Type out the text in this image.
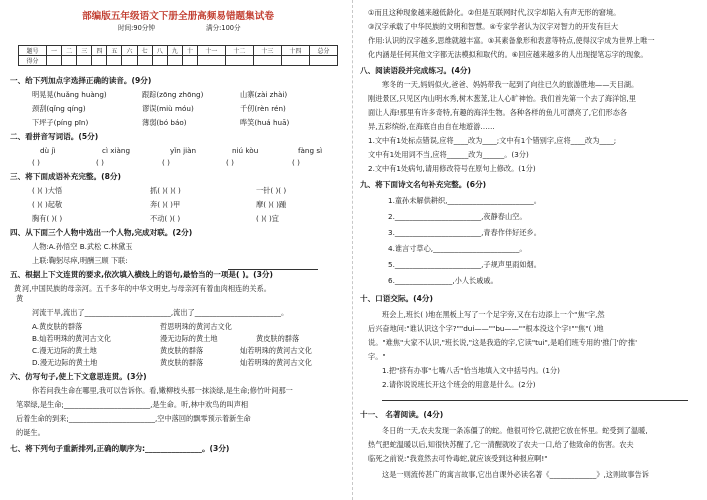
部编版五年级语文下册全册高频易错题集试卷
时间:90分钟	满分:100分
题号	一	二	三	四	五	六	七	八	九	十	十一	十二	十三	十四	总分
得分															
一、给下列加点字选择正确的读音。(9分)
明晃晃(huǎng huàng)	跟踪(zōng zhōng)	山寨(zài zhài)
颈刮(qǐng qíng)	谬误(miù móu)	千仞(rèn rén)
下坪子(píng pīn)	薄弱(bó báo)	哗笑(huá huā)
二、看拼音写词语。(5分)
dù jì	cì xiàng	yǐn jiàn	niú kòu	fàng sì
( )	( )	( )	( )	( )
三、将下面成语补充完整。(8分)
( )( )大悟	抓( )( )( )	一针( )( )
( )( )起敬	奔( )( )甲	摩( )( )踵
胸有( )( )	不动( )( )	( )( )宜
四、从下面三个人物中选出一个人物,完成对联。(2分)
人物:A.孙悟空 B.武松 C.林黛玉
上联:鞠躬尽瘁,明酬三顾 下联:
五、根据上下文连贯的要求,依次填入横线上的语句,最恰当的一项是( )。(3分)
黄 河,中国民族的母亲河。五千多年的中华文明史,与母亲河有着血肉相连的关系。
黄
河流干旱,流出了________________________,流出了________________________。
A.黄皮肤的群落	哲思明珠的黄河古文化
B.灿若明珠的黄河古文化	漫无边际的黄土地	黄皮肤的群落
C.漫无边际的黄土地	黄皮肤的群落	灿若明珠的黄河古文化
D.漫无边际的黄土地	黄皮肤的群落	灿若明珠的黄河古文化
六、仿写句子,使上下文意思连贯。(3分)
你若问我生命在哪里,我可以告诉你。看,嫩柳枝头那一抹淡绿,是生命;修竹叶间那一
笔翠绿,是生命;________________________,是生命。听,林中欢鸟的叫声相
后着生命的到来;________________________,空中落回的飘零预示着新生命
的诞生。
七、将下列句子重新排列,正确的顺序为:_______________。(3分)
①而且这种现象越来越低龄化。②但是互联网时代,汉字却陷入有声无形的窘境。
③汉字承载了中华民族的文明和智慧。④专家学者认为汉字对智力的开发有巨大
作用:认识的汉字越多,思维就越丰富。⑤其素备象形和表意等特点,使得汉字成为世界上唯一
化内涵是任何其他文字都无法模拟和取代的。⑥回应越来越多的人出现提笔忘字的现象。
八、阅读语段并完成练习。(4分)
寒冬的一天,妈妈似火,爸爸、妈妈带我一起到了向往已久的旅游胜地——天目湖。
刚进景区,只见区内山明水秀,树木葱茏,让人心旷神怡。我们首先第一个去了海洋馆,里
面让人海!那里有许多奇特,有趣的海洋生物。各种各样的鱼儿可漂亮了,它们形态各
异,五彩缤纷,在海底自由自在地遊游……
1.文中有1处标点错误,应将____改为____;文中有1个错别字,应将____改为____;
文中有1处用词不当,应将______改为______。(3分)
2.文中有1处病句,请用修改符号在原句上修改。(1分)
九、将下面诗文名句补充完整。(6分)
1.童孙未解供耕织,________________________。
2.________________________,夜静春山空。
3.________________________,青春作伴好还乡。
4.谁言寸草心,________________________。
5.________________________,子规声里雨如烟。
6.________________,小人长戚戚。
十、口语交际。(4分)
班会上,班长( )地在黑板上写了一个足字旁,又在右边添上一个"焦"字,然
后兴奋地问:"谁认识这个字?""dui——""bu——""根本没这个字!""焦"( )地
说。"难焦"大家不认识,"班长说,"这是我造的字,它读"tui",是咱们班专用的'推门'的'推'
字。"
1.把"挤有办事"七嘴八舌"恰当地填入文中括号内。(1分)
2.请你说说班长开这个班会的用意是什么。(2分)
十一、 名著阅读。(4分)
冬日的一天,农夫发现一条冻僵了的蛇。他很可怜它,就把它放在怀里。蛇受到了温暖,
热气把蛇温暖以后,知很快苏醒了,它一清醒就咬了农夫一口,给了他致命的伤害。农夫
临死之前说:"我竟然去可怜毒蛇,就应该受到这种报应啊!"
这是一则流传甚广的寓言故事,它出自课外必读名著《_____________》,这则故事告诉
